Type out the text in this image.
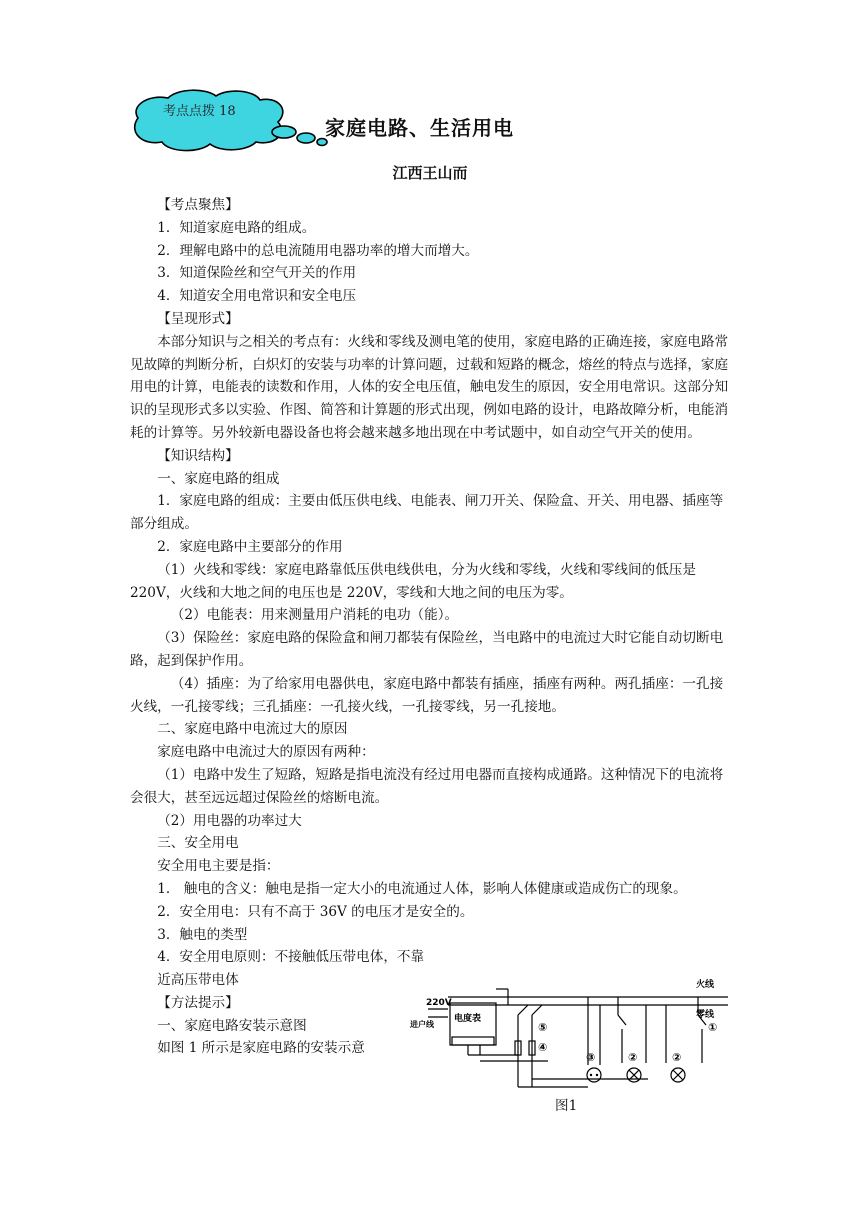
考点点拨 18
家庭电路、生活用电
江西王山而

【考点聚焦】

1．知道家庭电路的组成。

2．理解电路中的总电流随用电器功率的增大而增大。

3．知道保险丝和空气开关的作用

4．知道安全用电常识和安全电压

【呈现形式】

本部分知识与之相关的考点有：火线和零线及测电笔的使用，家庭电路的正确连接，家庭电路常见故障的判断分析，白炽灯的安装与功率的计算问题，过载和短路的概念，熔丝的特点与选择，家庭用电的计算，电能表的读数和作用，人体的安全电压值，触电发生的原因，安全用电常识。这部分知识的呈现形式多以实验、作图、简答和计算题的形式出现，例如电路的设计，电路故障分析，电能消耗的计算等。另外较新电器设备也将会越来越多地出现在中考试题中，如自动空气开关的使用。

【知识结构】

一、家庭电路的组成

1．家庭电路的组成：主要由低压供电线、电能表、闸刀开关、保险盒、开关、用电器、插座等部分组成。

2．家庭电路中主要部分的作用

（1）火线和零线：家庭电路靠低压供电线供电，分为火线和零线，火线和零线间的低压是 220V，火线和大地之间的电压也是 220V，零线和大地之间的电压为零。

（2）电能表：用来测量用户消耗的电功（能）。

（3）保险丝：家庭电路的保险盒和闸刀都装有保险丝，当电路中的电流过大时它能自动切断电路，起到保护作用。

（4）插座：为了给家用电器供电，家庭电路中都装有插座，插座有两种。两孔插座：一孔接火线，一孔接零线；三孔插座：一孔接火线，一孔接零线，另一孔接地。

二、家庭电路中电流过大的原因

家庭电路中电流过大的原因有两种：

（1）电路中发生了短路，短路是指电流没有经过用电器而直接构成通路。这种情况下的电流将会很大，甚至远远超过保险丝的熔断电流。

（2）用电器的功率过大

三、安全用电

安全用电主要是指：

1． 触电的含义：触电是指一定大小的电流通过人体，影响人体健康或造成伤亡的现象。

2．安全用电：只有不高于 36V 的电压才是安全的。

3．触电的类型

4．安全用电原则：不接触低压带电体，不靠近高压带电体

【方法提示】

一、家庭电路安装示意图

如图 1 所示是家庭电路的安装示意

火线
零线
220V
电度表
进户线	⑤
④
③	②	②
①
图1
